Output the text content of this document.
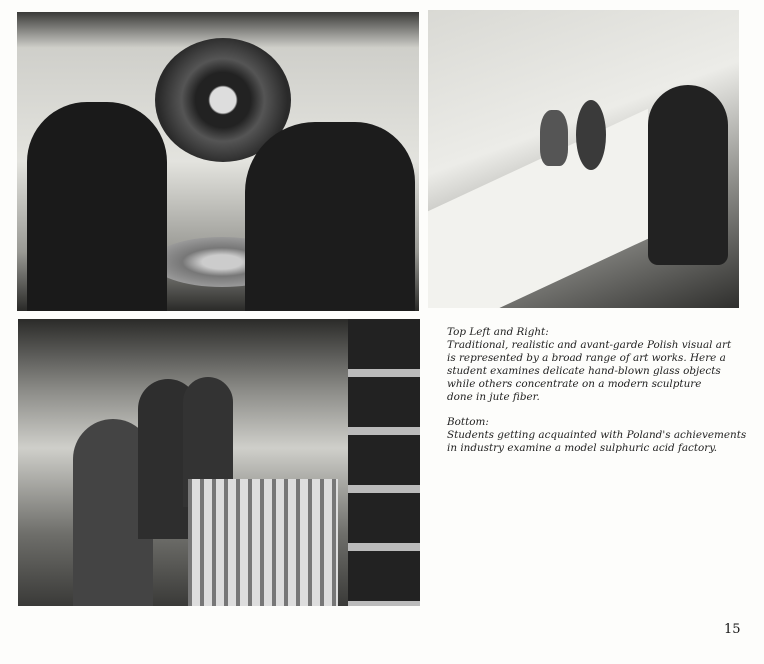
Top Left and Right:
Traditional, realistic and avant-garde Polish visual art
is represented by a broad range of art works. Here a
student examines delicate hand-blown glass objects
while others concentrate on a modern sculpture
done in jute fiber.

Bottom:
Students getting acquainted with Poland's achievements
in industry examine a model sulphuric acid factory.

15
